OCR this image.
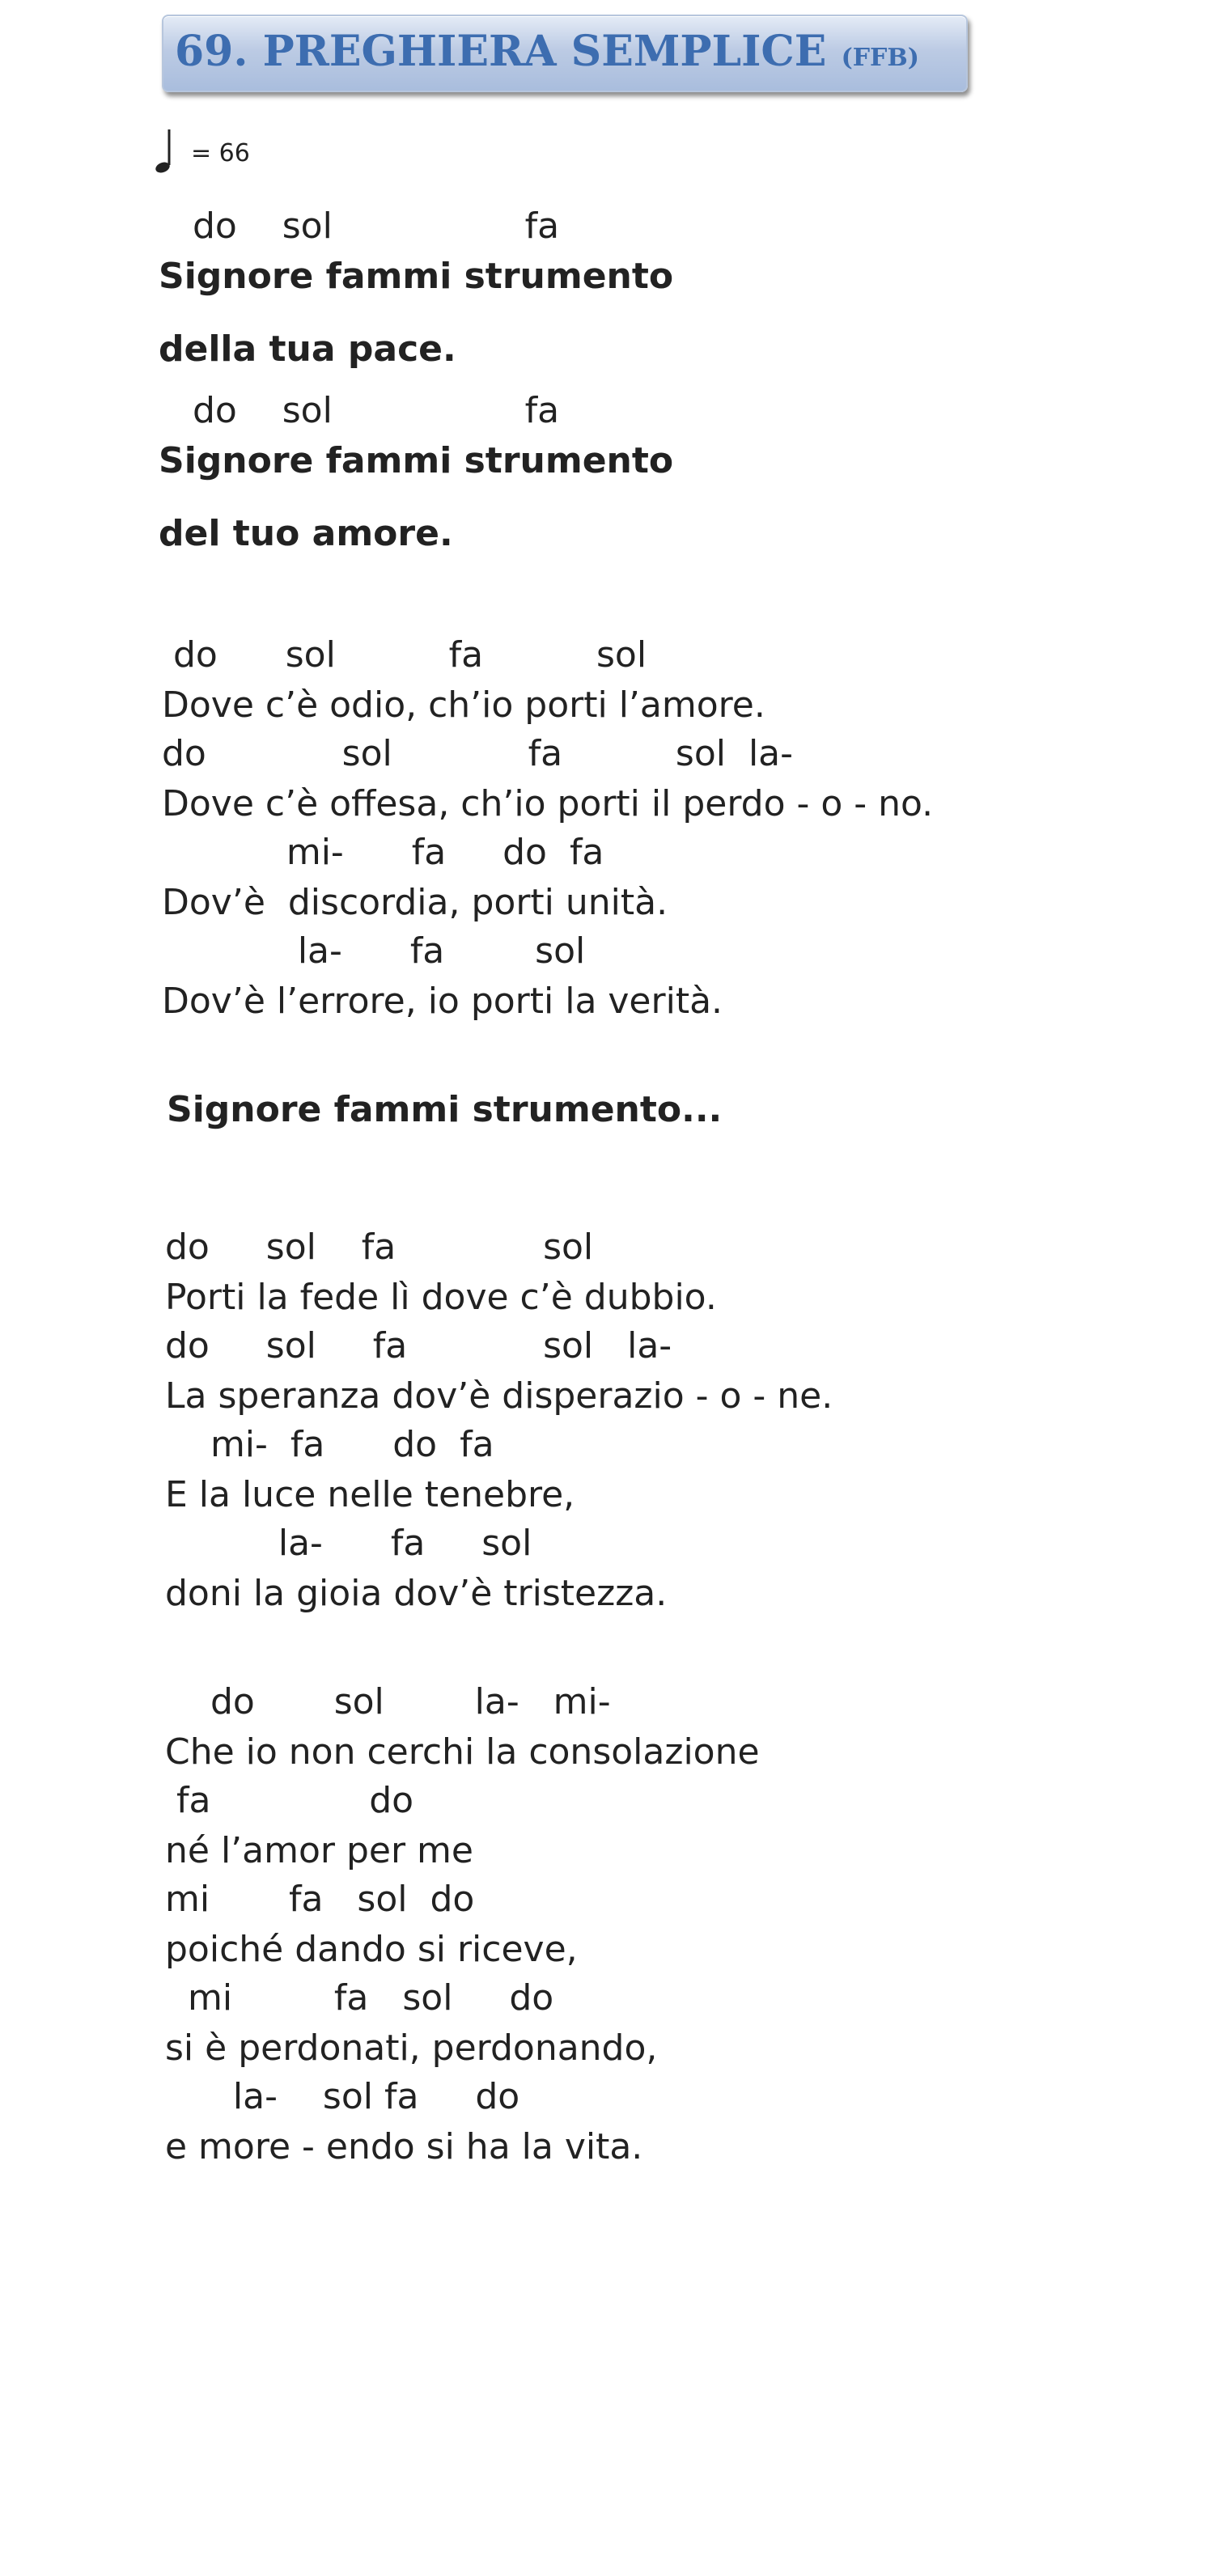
69. PREGHIERA SEMPLICE (FFB)
= 66

do    sol                 fa

Signore fammi strumento

della tua pace.

do    sol                 fa

Signore fammi strumento

del tuo amore.

do      sol          fa          sol

Dove c’è odio, ch’io porti l’amore.

do            sol            fa          sol  la-

Dove c’è offesa, ch’io porti il perdo - o - no.

mi-      fa     do  fa

Dov’è  discordia, porti unità.

la-      fa        sol

Dov’è l’errore, io porti la verità.

Signore fammi strumento...

do     sol    fa             sol

Porti la fede lì dove c’è dubbio.

do     sol     fa            sol   la-

La speranza dov’è disperazio - o - ne.

mi-  fa      do  fa

E la luce nelle tenebre,

la-      fa     sol

doni la gioia dov’è tristezza.

do       sol        la-   mi-

Che io non cerchi la consolazione

fa              do

né l’amor per me

mi       fa   sol  do

poiché dando si riceve,

mi         fa   sol     do

si è perdonati, perdonando,

la-    sol fa     do

e more - endo si ha la vita.
